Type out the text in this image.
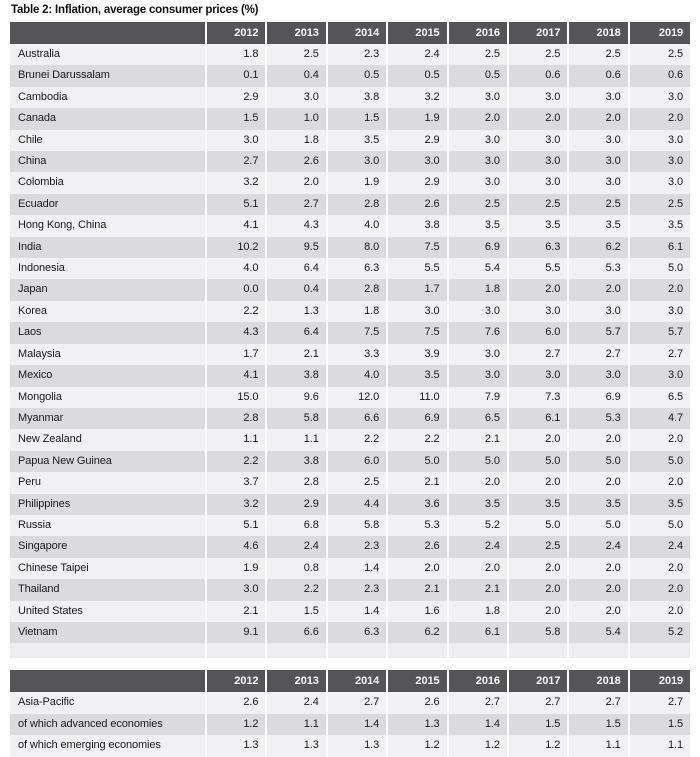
Table 2: Inflation, average consumer prices (%)
	2012	2013	2014	2015	2016	2017	2018	2019
Australia	1.8	2.5	2.3	2.4	2.5	2.5	2.5	2.5
Brunei Darussalam	0.1	0.4	0.5	0.5	0.5	0.6	0.6	0.6
Cambodia	2.9	3.0	3.8	3.2	3.0	3.0	3.0	3.0
Canada	1.5	1.0	1.5	1.9	2.0	2.0	2.0	2.0
Chile	3.0	1.8	3.5	2.9	3.0	3.0	3.0	3.0
China	2.7	2.6	3.0	3.0	3.0	3.0	3.0	3.0
Colombia	3.2	2.0	1.9	2.9	3.0	3.0	3.0	3.0
Ecuador	5.1	2.7	2.8	2.6	2.5	2.5	2.5	2.5
Hong Kong, China	4.1	4.3	4.0	3.8	3.5	3.5	3.5	3.5
India	10.2	9.5	8.0	7.5	6.9	6.3	6.2	6.1
Indonesia	4.0	6.4	6.3	5.5	5.4	5.5	5.3	5.0
Japan	0.0	0.4	2.8	1.7	1.8	2.0	2.0	2.0
Korea	2.2	1.3	1.8	3.0	3.0	3.0	3.0	3.0
Laos	4.3	6.4	7.5	7.5	7.6	6.0	5.7	5.7
Malaysia	1.7	2.1	3.3	3.9	3.0	2.7	2.7	2.7
Mexico	4.1	3.8	4.0	3.5	3.0	3.0	3.0	3.0
Mongolia	15.0	9.6	12.0	11.0	7.9	7.3	6.9	6.5
Myanmar	2.8	5.8	6.6	6.9	6.5	6.1	5.3	4.7
New Zealand	1.1	1.1	2.2	2.2	2.1	2.0	2.0	2.0
Papua New Guinea	2.2	3.8	6.0	5.0	5.0	5.0	5.0	5.0
Peru	3.7	2.8	2.5	2.1	2.0	2.0	2.0	2.0
Philippines	3.2	2.9	4.4	3.6	3.5	3.5	3.5	3.5
Russia	5.1	6.8	5.8	5.3	5.2	5.0	5.0	5.0
Singapore	4.6	2.4	2.3	2.6	2.4	2.5	2.4	2.4
Chinese Taipei	1.9	0.8	1.4	2.0	2.0	2.0	2.0	2.0
Thailand	3.0	2.2	2.3	2.1	2.1	2.0	2.0	2.0
United States	2.1	1.5	1.4	1.6	1.8	2.0	2.0	2.0
Vietnam	9.1	6.6	6.3	6.2	6.1	5.8	5.4	5.2

	2012	2013	2014	2015	2016	2017	2018	2019
Asia-Pacific	2.6	2.4	2.7	2.6	2.7	2.7	2.7	2.7
of which advanced economies	1.2	1.1	1.4	1.3	1.4	1.5	1.5	1.5
of which emerging economies	1.3	1.3	1.3	1.2	1.2	1.2	1.1	1.1
